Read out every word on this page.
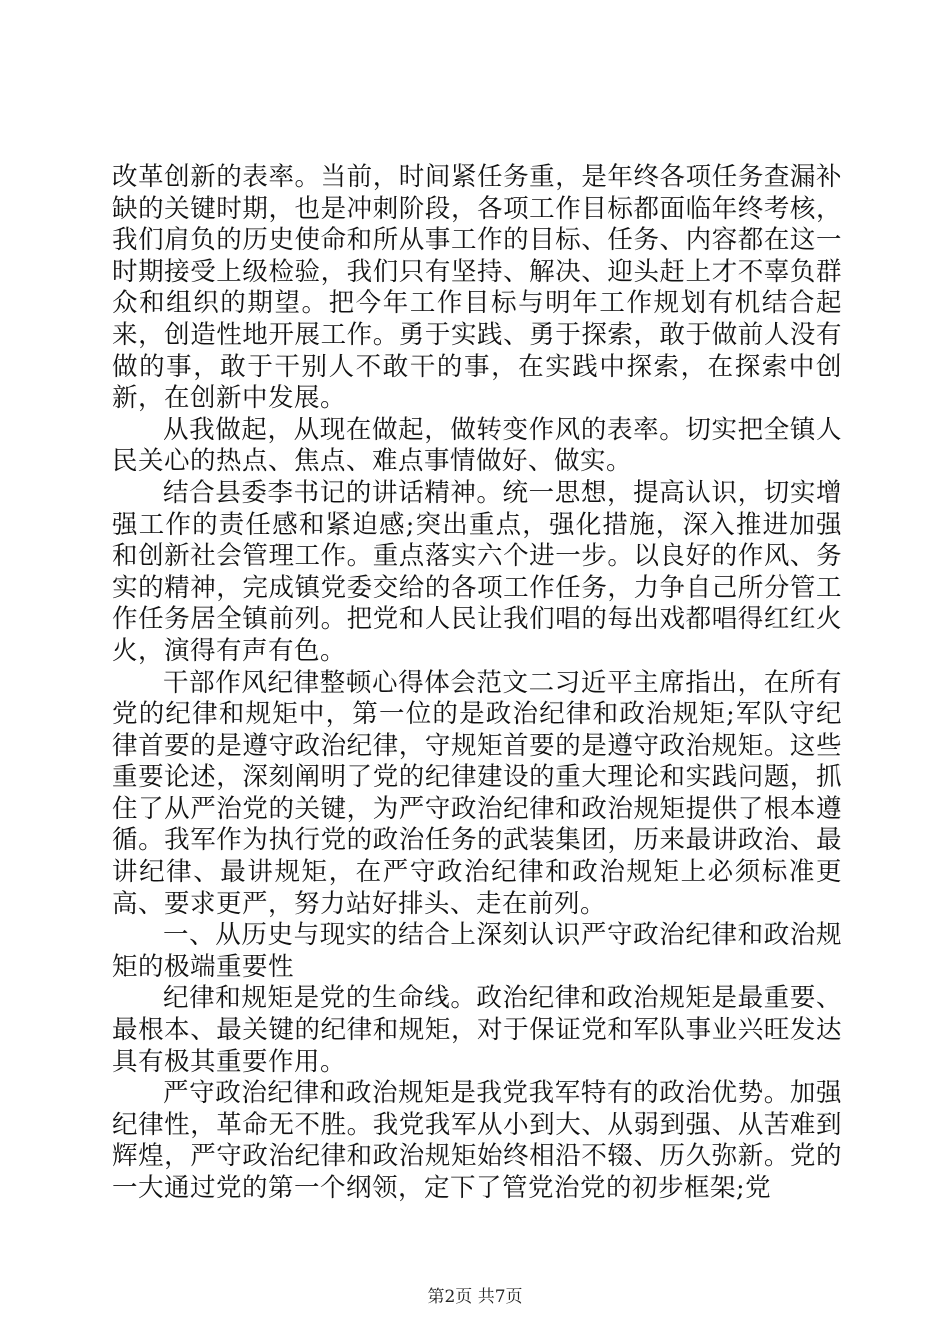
改革创新的表率。当前，时间紧任务重，是年终各项任务查漏补缺的关键时期，也是冲刺阶段，各项工作目标都面临年终考核，我们肩负的历史使命和所从事工作的目标、任务、内容都在这一时期接受上级检验，我们只有坚持、解决、迎头赶上才不辜负群众和组织的期望。把今年工作目标与明年工作规划有机结合起来，创造性地开展工作。勇于实践、勇于探索，敢于做前人没有做的事，敢于干别人不敢干的事，在实践中探索，在探索中创新，在创新中发展。

从我做起，从现在做起，做转变作风的表率。切实把全镇人民关心的热点、焦点、难点事情做好、做实。

结合县委李书记的讲话精神。统一思想，提高认识，切实增强工作的责任感和紧迫感;突出重点，强化措施，深入推进加强和创新社会管理工作。重点落实六个进一步。以良好的作风、务实的精神，完成镇党委交给的各项工作任务，力争自己所分管工作任务居全镇前列。把党和人民让我们唱的每出戏都唱得红红火火，演得有声有色。

干部作风纪律整顿心得体会范文二习近平主席指出，在所有党的纪律和规矩中，第一位的是政治纪律和政治规矩;军队守纪律首要的是遵守政治纪律，守规矩首要的是遵守政治规矩。这些重要论述，深刻阐明了党的纪律建设的重大理论和实践问题，抓住了从严治党的关键，为严守政治纪律和政治规矩提供了根本遵循。我军作为执行党的政治任务的武装集团，历来最讲政治、最讲纪律、最讲规矩，在严守政治纪律和政治规矩上必须标准更高、要求更严，努力站好排头、走在前列。

一、从历史与现实的结合上深刻认识严守政治纪律和政治规矩的极端重要性

纪律和规矩是党的生命线。政治纪律和政治规矩是最重要、最根本、最关键的纪律和规矩，对于保证党和军队事业兴旺发达具有极其重要作用。

严守政治纪律和政治规矩是我党我军特有的政治优势。加强纪律性，革命无不胜。我党我军从小到大、从弱到强、从苦难到辉煌，严守政治纪律和政治规矩始终相沿不辍、历久弥新。党的一大通过党的第一个纲领，定下了管党治党的初步框架;党

第2页 共7页
